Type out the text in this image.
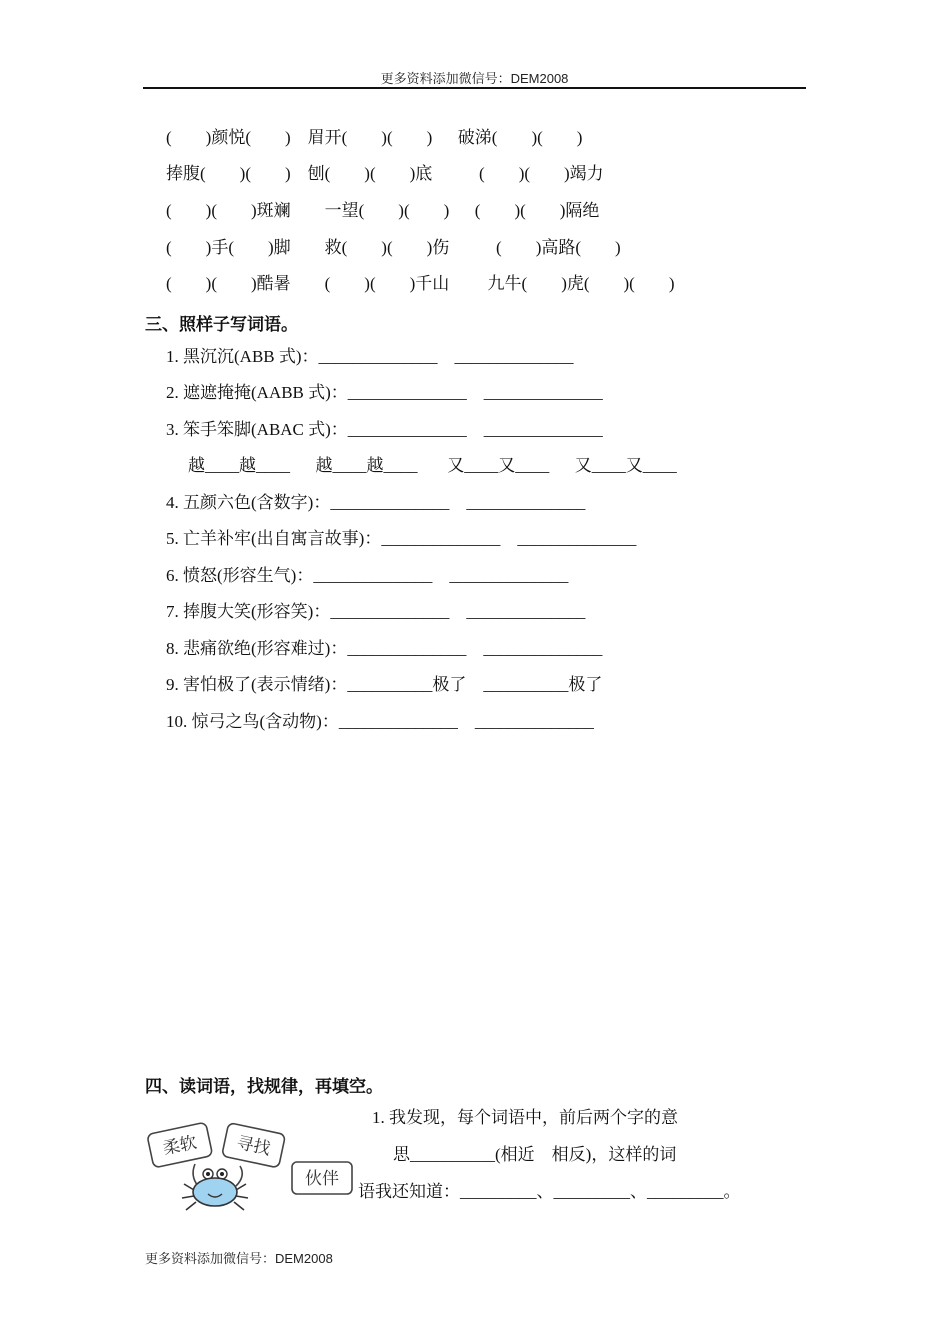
更多资料添加微信号：DEM2008
(        )颜悦(        )    眉开(        )(        )      破涕(        )(        )
捧腹(        )(        )    刨(        )(        )底           (        )(        )竭力
(        )(        )斑斓        一望(        )(        )      (        )(        )隔绝
(        )手(        )脚        救(        )(        )伤           (        )高路(        )
(        )(        )酷暑        (        )(        )千山         九牛(        )虎(        )(        )
三、照样子写词语。
1. 黑沉沉(ABB 式)：______________    ______________
2. 遮遮掩掩(AABB 式)：______________    ______________
3. 笨手笨脚(ABAC 式)：______________    ______________
越____越____      越____越____       又____又____      又____又____
4. 五颜六色(含数字)：______________    ______________
5. 亡羊补牢(出自寓言故事)：______________    ______________
6. 愤怒(形容生气)：______________    ______________
7. 捧腹大笑(形容笑)：______________    ______________
8. 悲痛欲绝(形容难过)：______________    ______________
9. 害怕极了(表示情绪)：__________极了    __________极了
10. 惊弓之鸟(含动物)：______________    ______________
四、读词语，找规律，再填空。
柔软 寻找
伙伴
1. 我发现，每个词语中，前后两个字的意
思__________(相近    相反)，这样的词
语我还知道：_________、_________、_________。
更多资料添加微信号：DEM2008
